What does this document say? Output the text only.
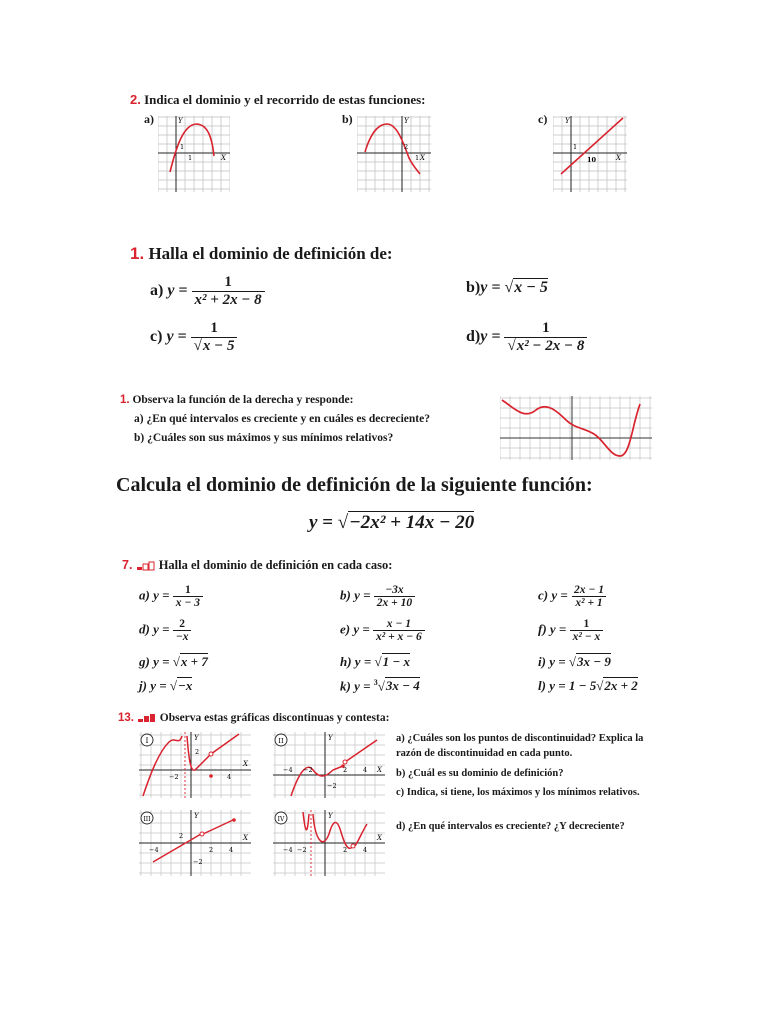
2. Indica el dominio y el recorrido de estas funciones:
a)	Y
X
1
1
b)	Y
X
2
1
c)	Y
X
1
10
1. Halla el dominio de definición de:
a) $y = \frac{1}{\text{x² + 2x − 8}}$	b)y = √x − 5
c) $y = \frac{1}{√x - 5}$	$d)y = \frac{1}{\text{√x² − 2x − 8}}$
1. Observa la función de la derecha y responde:
a) ¿En qué intervalos es creciente y en cuáles es decreciente?
b) ¿Cuáles son sus máximos y sus mínimos relativos?
Calcula el dominio de definición de la siguiente función:
y = √−2x² + 14x − 20
7. Halla el dominio de definición en cada caso:
a) $y = \frac{1}{x - 3}$	b) $y = \frac{-3x}{2x + 10}$	c) $y = \frac{2x - 1}{\text{x² + 1}}$
d) $y = \frac{2}{-x}$	e) $y = \frac{x - 1}{\text{x² + x − 6}}$	f) $y = \frac{1}{\text{x² − x}}$
g) y = √x + 7	h) y = √1 − x	i) y = √3x − 9
j) y = √−x	k) y = $^3$√3x − 4	l) y = 1 − 5√2x + 2
13. Observa estas gráficas discontinuas y contesta:
I	Y
X
2
−2	4
II	Y
X
−4 −2	2 4
−2
III	Y
X
2
−4	2 4
−2
IV	Y
X
−4 −2	2 4
a) ¿Cuáles son los puntos de discontinuidad? Explica la razón de discontinuidad en cada punto.
b) ¿Cuál es su dominio de definición?
c) Indica, si tiene, los máximos y los mínimos relativos.
d) ¿En qué intervalos es creciente? ¿Y decreciente?
